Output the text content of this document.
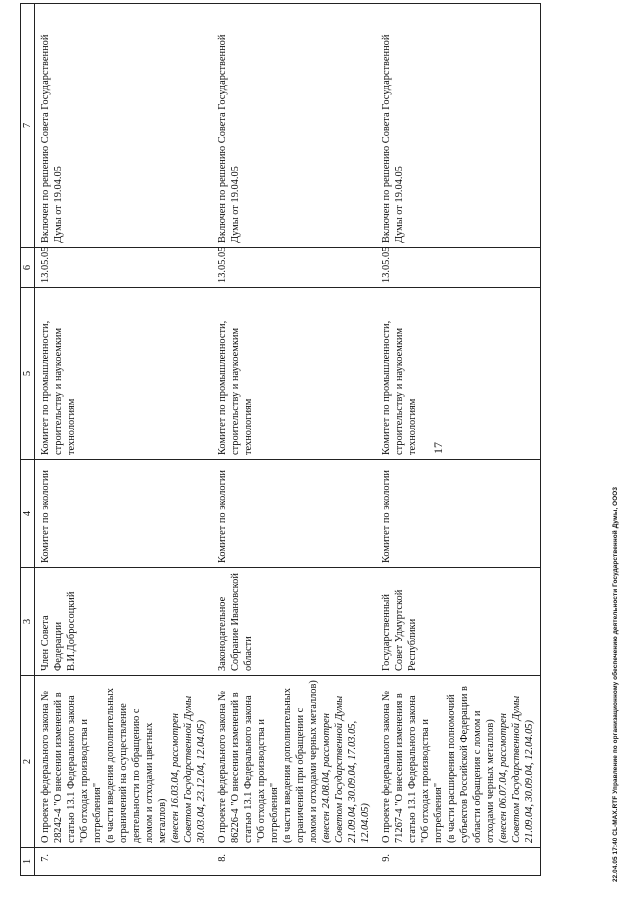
17
1	2	3	4	5	6	7
7.	О проекте федерального закона № 28242-4 "О внесении изменений в статью 13.1 Федерального закона "Об отходах производства и потребления" (в части введения дополнительных ограничений на осуществление деятельности по обращению с ломом и отходами цветных металлов) (внесен 16.03.04, рассмотрен Советом Государственной Думы 30.03.04, 23.12.04, 12.04.05)	Член Совета Федерации В.И.Добросоцкий	Комитет по экологии	Комитет по промышленности, строительству и наукоемким технологиям	13.05.05	Включен по решению Совета Государственной Думы от 19.04.05
8.	О проекте федерального закона № 86226-4 "О внесении изменений в статью 13.1 Федерального закона "Об отходах производства и потребления" (в части введения дополнительных ограничений при обращении с ломом и отходами черных металлов) (внесен 24.08.04, рассмотрен Советом Государственной Думы 21.09.04, 30.09.04, 17.03.05, 12.04.05)	Законодательное Собрание Ивановской области	Комитет по экологии	Комитет по промышленности, строительству и наукоемким технологиям	13.05.05	Включен по решению Совета Государственной Думы от 19.04.05
9.	О проекте федерального закона № 71267-4 "О внесении изменения в статью 13.1 Федерального закона "Об отходах производства и потребления" (в части расширения полномочий субъектов Российской Федерации в области обращения с ломом и отходами черных металлов) (внесен 06.07.04, рассмотрен Советом Государственной Думы 21.09.04, 30.09.04, 12.04.05)	Государственный Совет Удмуртской Республики	Комитет по экологии	Комитет по промышленности, строительству и наукоемким технологиям	13.05.05	Включен по решению Совета Государственной Думы от 19.04.05
22.04.05 17:40 CL-MAX.RTF Управление по организационному обеспечению деятельности Государственной Думы, ООО3
